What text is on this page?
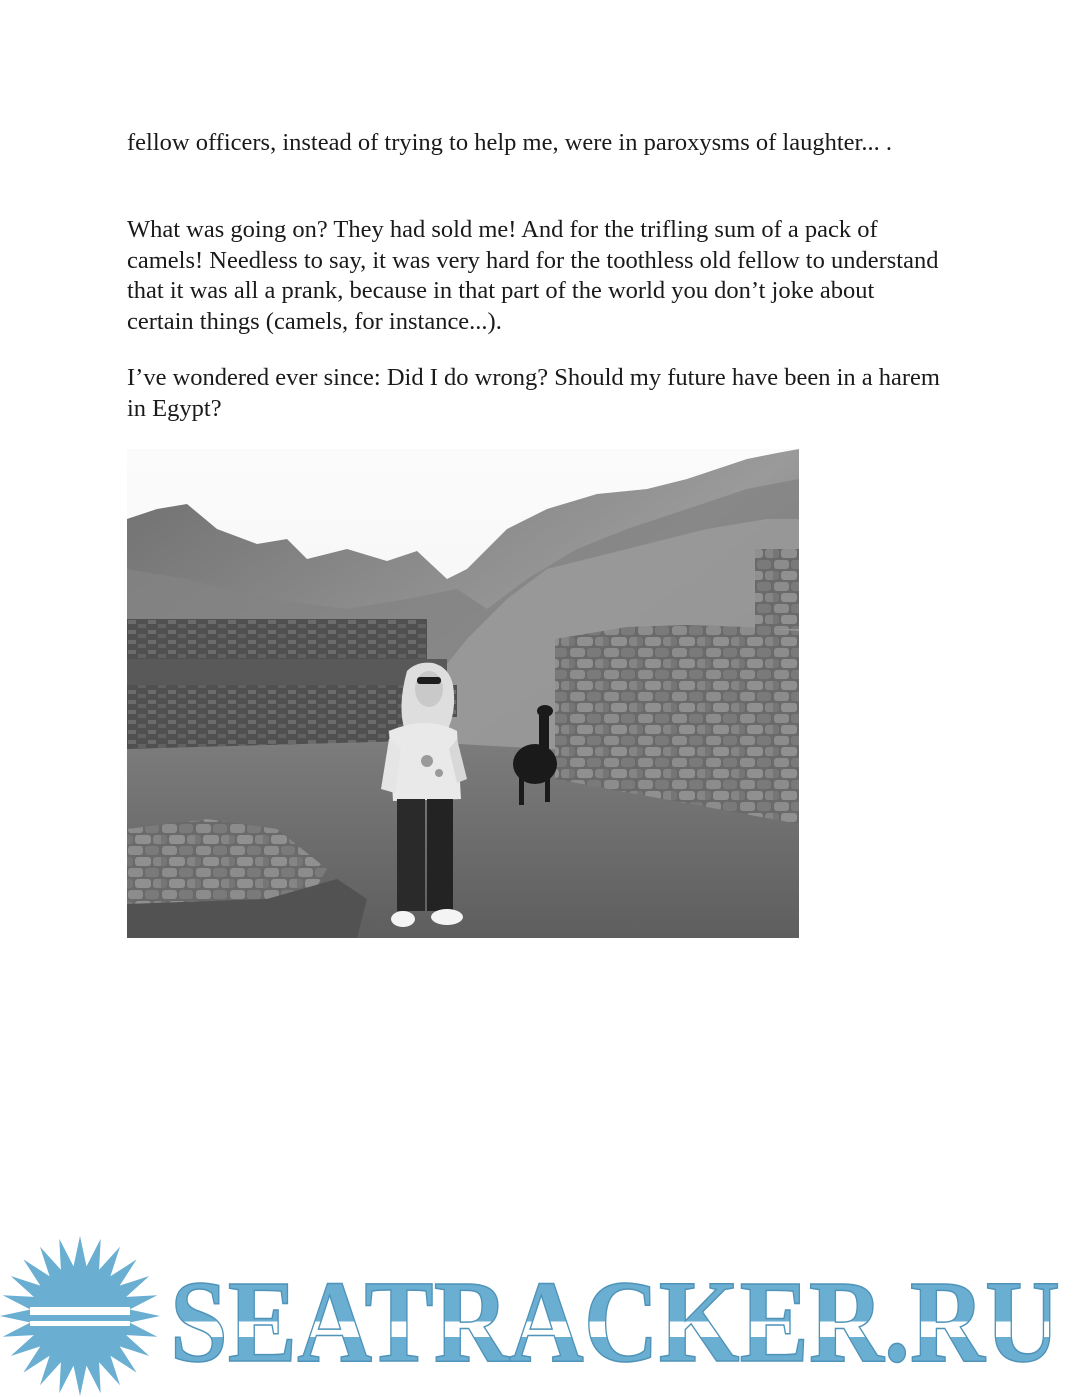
fellow officers, instead of trying to help me, were in paroxysms of laughter... .

What was going on? They had sold me! And for the trifling sum of a pack of camels! Needless to say, it was very hard for the toothless old fellow to understand that it was all a prank, because in that part of the world you don’t joke about certain things (camels, for instance...).

I’ve wondered ever since: Did I do wrong? Should my future have been in a harem in Egypt?

SEATRACKER.RU
